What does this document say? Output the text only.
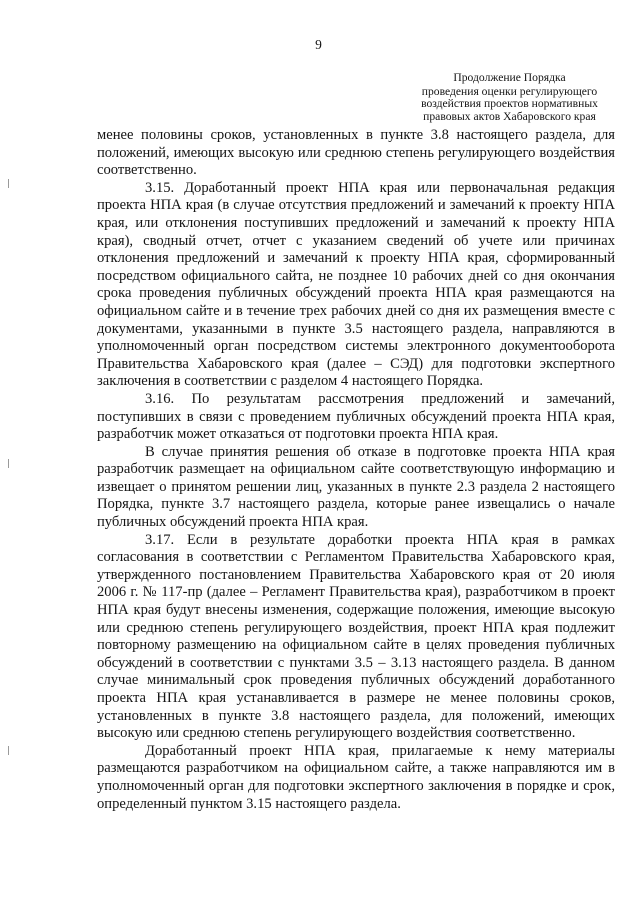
9
Продолжение Порядка
проведения оценки регулирующего
воздействия проектов нормативных
правовых актов Хабаровского края

менее половины сроков, установленных в пункте 3.8 настоящего раздела, для положений, имеющих высокую или среднюю степень регулирующего воздействия соответственно.

3.15. Доработанный проект НПА края или первоначальная редакция проекта НПА края (в случае отсутствия предложений и замечаний к проекту НПА края, или отклонения поступивших предложений и замечаний к проекту НПА края), сводный отчет, отчет с указанием сведений об учете или причинах отклонения предложений и замечаний к проекту НПА края, сформированный посредством официального сайта, не позднее 10 рабочих дней со дня окончания срока проведения публичных обсуждений проекта НПА края размещаются на официальном сайте и в течение трех рабочих дней со дня их размещения вместе с документами, указанными в пункте 3.5 настоящего раздела, направляются в уполномоченный орган посредством системы электронного документооборота Правительства Хабаровского края (далее – СЭД) для подготовки экспертного заключения в соответствии с разделом 4 настоящего Порядка.

3.16. По результатам рассмотрения предложений и замечаний, поступивших в связи с проведением публичных обсуждений проекта НПА края, разработчик может отказаться от подготовки проекта НПА края.

В случае принятия решения об отказе в подготовке проекта НПА края разработчик размещает на официальном сайте соответствующую информацию и извещает о принятом решении лиц, указанных в пункте 2.3 раздела 2 настоящего Порядка, пункте 3.7 настоящего раздела, которые ранее извещались о начале публичных обсуждений проекта НПА края.

3.17. Если в результате доработки проекта НПА края в рамках согласования в соответствии с Регламентом Правительства Хабаровского края, утвержденного постановлением Правительства Хабаровского края от 20 июля 2006 г. № 117-пр (далее – Регламент Правительства края), разработчиком в проект НПА края будут внесены изменения, содержащие положения, имеющие высокую или среднюю степень регулирующего воздействия, проект НПА края подлежит повторному размещению на официальном сайте в целях проведения публичных обсуждений в соответствии с пунктами 3.5 – 3.13 настоящего раздела. В данном случае минимальный срок проведения публичных обсуждений доработанного проекта НПА края устанавливается в размере не менее половины сроков, установленных в пункте 3.8 настоящего раздела, для положений, имеющих высокую или среднюю степень регулирующего воздействия соответственно.

Доработанный проект НПА края, прилагаемые к нему материалы размещаются разработчиком на официальном сайте, а также направляются им в уполномоченный орган для подготовки экспертного заключения в порядке и срок, определенный пунктом 3.15 настоящего раздела.
